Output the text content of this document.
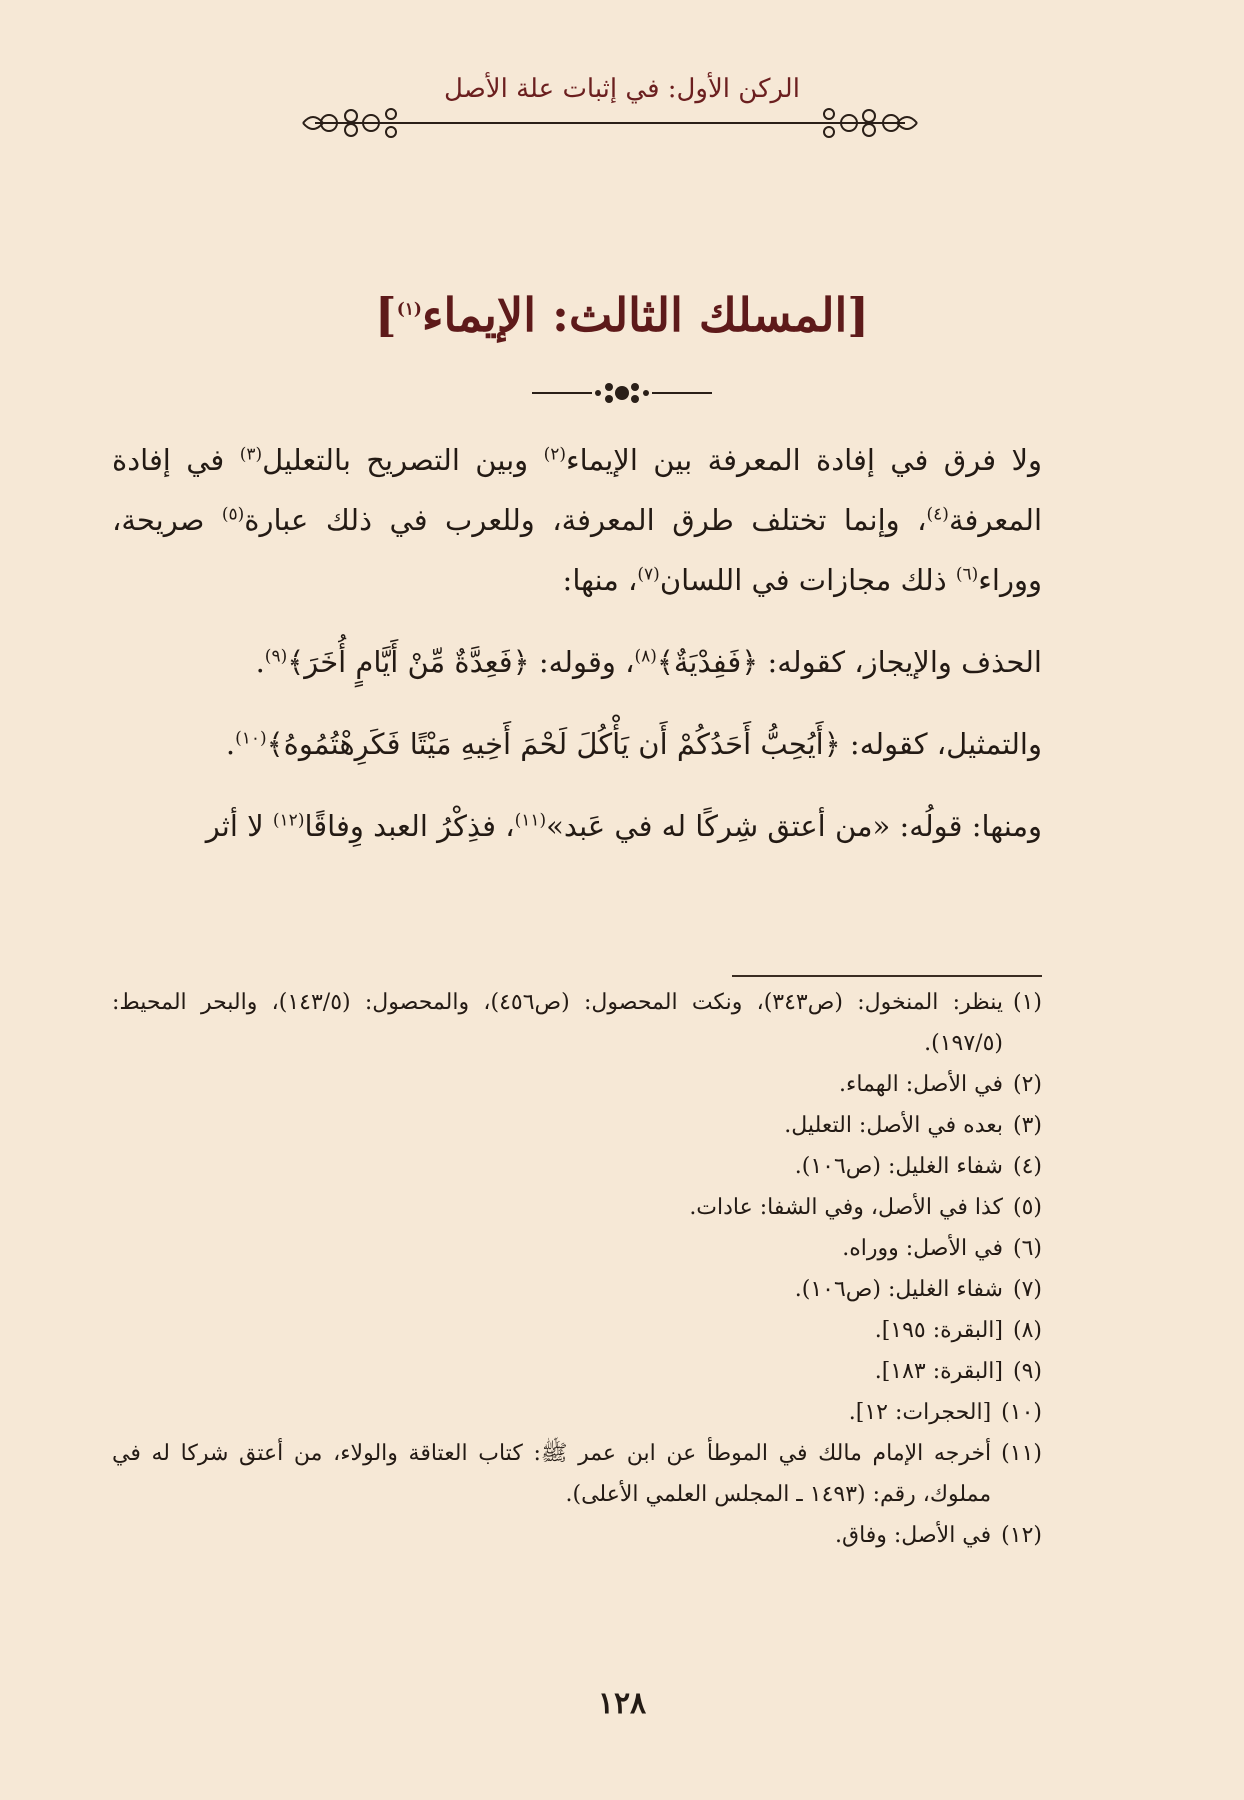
الركن الأول: في إثبات علة الأصل
[المسلك الثالث: الإيماء$^{(١)}$]

ولا فرق في إفادة المعرفة بين الإيماء$^{(٢)}$ وبين التصريح بالتعليل$^{(٣)}$ في إفادة المعرفة$^{(٤)}$، وإنما تختلف طرق المعرفة، وللعرب في ذلك عبارة$^{(٥)}$ صريحة، ووراء$^{(٦)}$ ذلك مجازات في اللسان$^{(٧)}$، منها:

الحذف والإيجاز، كقوله: ﴿فَفِدْيَةٌ﴾$^{(٨)}$، وقوله: ﴿فَعِدَّةٌ مِّنْ أَيَّامٍ أُخَرَ﴾$^{(٩)}$.

والتمثيل، كقوله: ﴿أَيُحِبُّ أَحَدُكُمْ أَن يَأْكُلَ لَحْمَ أَخِيهِ مَيْتًا فَكَرِهْتُمُوهُ﴾$^{(١٠)}$.

ومنها: قولُه: «من أعتق شِركًا له في عَبد»$^{(١١)}$، فذِكْرُ العبد وِفاقًا$^{(١٢)}$ لا أثر

(١)
ينظر: المنخول: (ص٣٤٣)، ونكت المحصول: (ص٤٥٦)، والمحصول: (١٤٣/٥)، والبحر المحيط: (١٩٧/٥).
(٢)
في الأصل: الهماء.
(٣)
بعده في الأصل: التعليل.
(٤)
شفاء الغليل: (ص١٠٦).
(٥)
كذا في الأصل، وفي الشفا: عادات.
(٦)
في الأصل: ووراه.
(٧)
شفاء الغليل: (ص١٠٦).
(٨)
[البقرة: ١٩٥].
(٩)
[البقرة: ١٨٣].
(١٠)
[الحجرات: ١٢].
(١١)
أخرجه الإمام مالك في الموطأ عن ابن عمر ﷺ: كتاب العتاقة والولاء، من أعتق شركا له في مملوك، رقم: (١٤٩٣ ـ المجلس العلمي الأعلى).
(١٢)
في الأصل: وفاق.
١٢٨
